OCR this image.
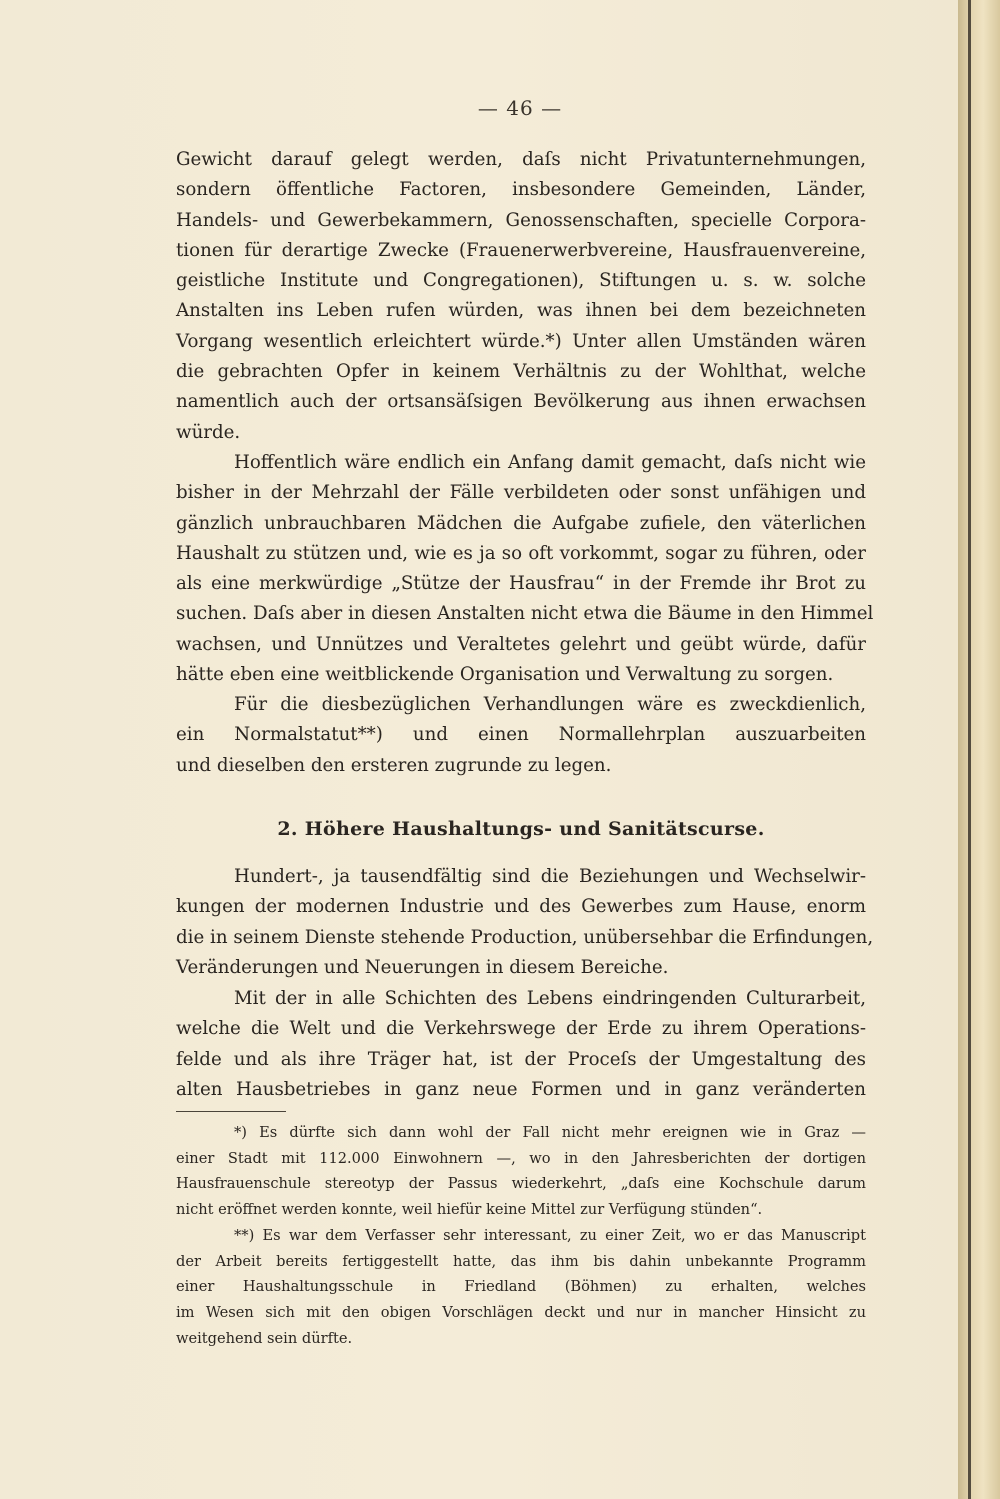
— 46 —
Gewicht darauf gelegt werden, daſs nicht Privatunternehmungen,
sondern öffentliche Factoren, insbesondere Gemeinden, Länder,
Handels- und Gewerbekammern, Genossenschaften, specielle Corpora-
tionen für derartige Zwecke (Frauenerwerbvereine, Hausfrauenvereine,
geistliche Institute und Congregationen), Stiftungen u. s. w. solche
Anstalten ins Leben rufen würden, was ihnen bei dem bezeichneten
Vorgang wesentlich erleichtert würde.*) Unter allen Umständen wären
die gebrachten Opfer in keinem Verhältnis zu der Wohlthat, welche
namentlich auch der ortsansäſsigen Bevölkerung aus ihnen erwachsen
würde.
Hoffentlich wäre endlich ein Anfang damit gemacht, daſs nicht wie
bisher in der Mehrzahl der Fälle verbildeten oder sonst unfähigen und
gänzlich unbrauchbaren Mädchen die Aufgabe zufiele, den väterlichen
Haushalt zu stützen und, wie es ja so oft vorkommt, sogar zu führen, oder
als eine merkwürdige „Stütze der Hausfrau“ in der Fremde ihr Brot zu
suchen. Daſs aber in diesen Anstalten nicht etwa die Bäume in den Himmel
wachsen, und Unnützes und Veraltetes gelehrt und geübt würde, dafür
hätte eben eine weitblickende Organisation und Verwaltung zu sorgen.
Für die diesbezüglichen Verhandlungen wäre es zweckdienlich,
ein Normalstatut**) und einen Normallehrplan auszuarbeiten
und dieselben den ersteren zugrunde zu legen.
2. Höhere Haushaltungs- und Sanitätscurse.
Hundert-, ja tausendfältig sind die Beziehungen und Wechselwir-
kungen der modernen Industrie und des Gewerbes zum Hause, enorm
die in seinem Dienste stehende Production, unübersehbar die Erfindungen,
Veränderungen und Neuerungen in diesem Bereiche.
Mit der in alle Schichten des Lebens eindringenden Culturarbeit,
welche die Welt und die Verkehrswege der Erde zu ihrem Operations-
felde und als ihre Träger hat, ist der Proceſs der Umgestaltung des
alten Hausbetriebes in ganz neue Formen und in ganz veränderten
*) Es dürfte sich dann wohl der Fall nicht mehr ereignen wie in Graz —
einer Stadt mit 112.000 Einwohnern —, wo in den Jahresberichten der dortigen
Hausfrauenschule stereotyp der Passus wiederkehrt, „daſs eine Kochschule darum
nicht eröffnet werden konnte, weil hiefür keine Mittel zur Verfügung stünden“.
**) Es war dem Verfasser sehr interessant, zu einer Zeit, wo er das Manuscript
der Arbeit bereits fertiggestellt hatte, das ihm bis dahin unbekannte Programm
einer Haushaltungsschule in Friedland (Böhmen) zu erhalten, welches
im Wesen sich mit den obigen Vorschlägen deckt und nur in mancher Hinsicht zu
weitgehend sein dürfte.
